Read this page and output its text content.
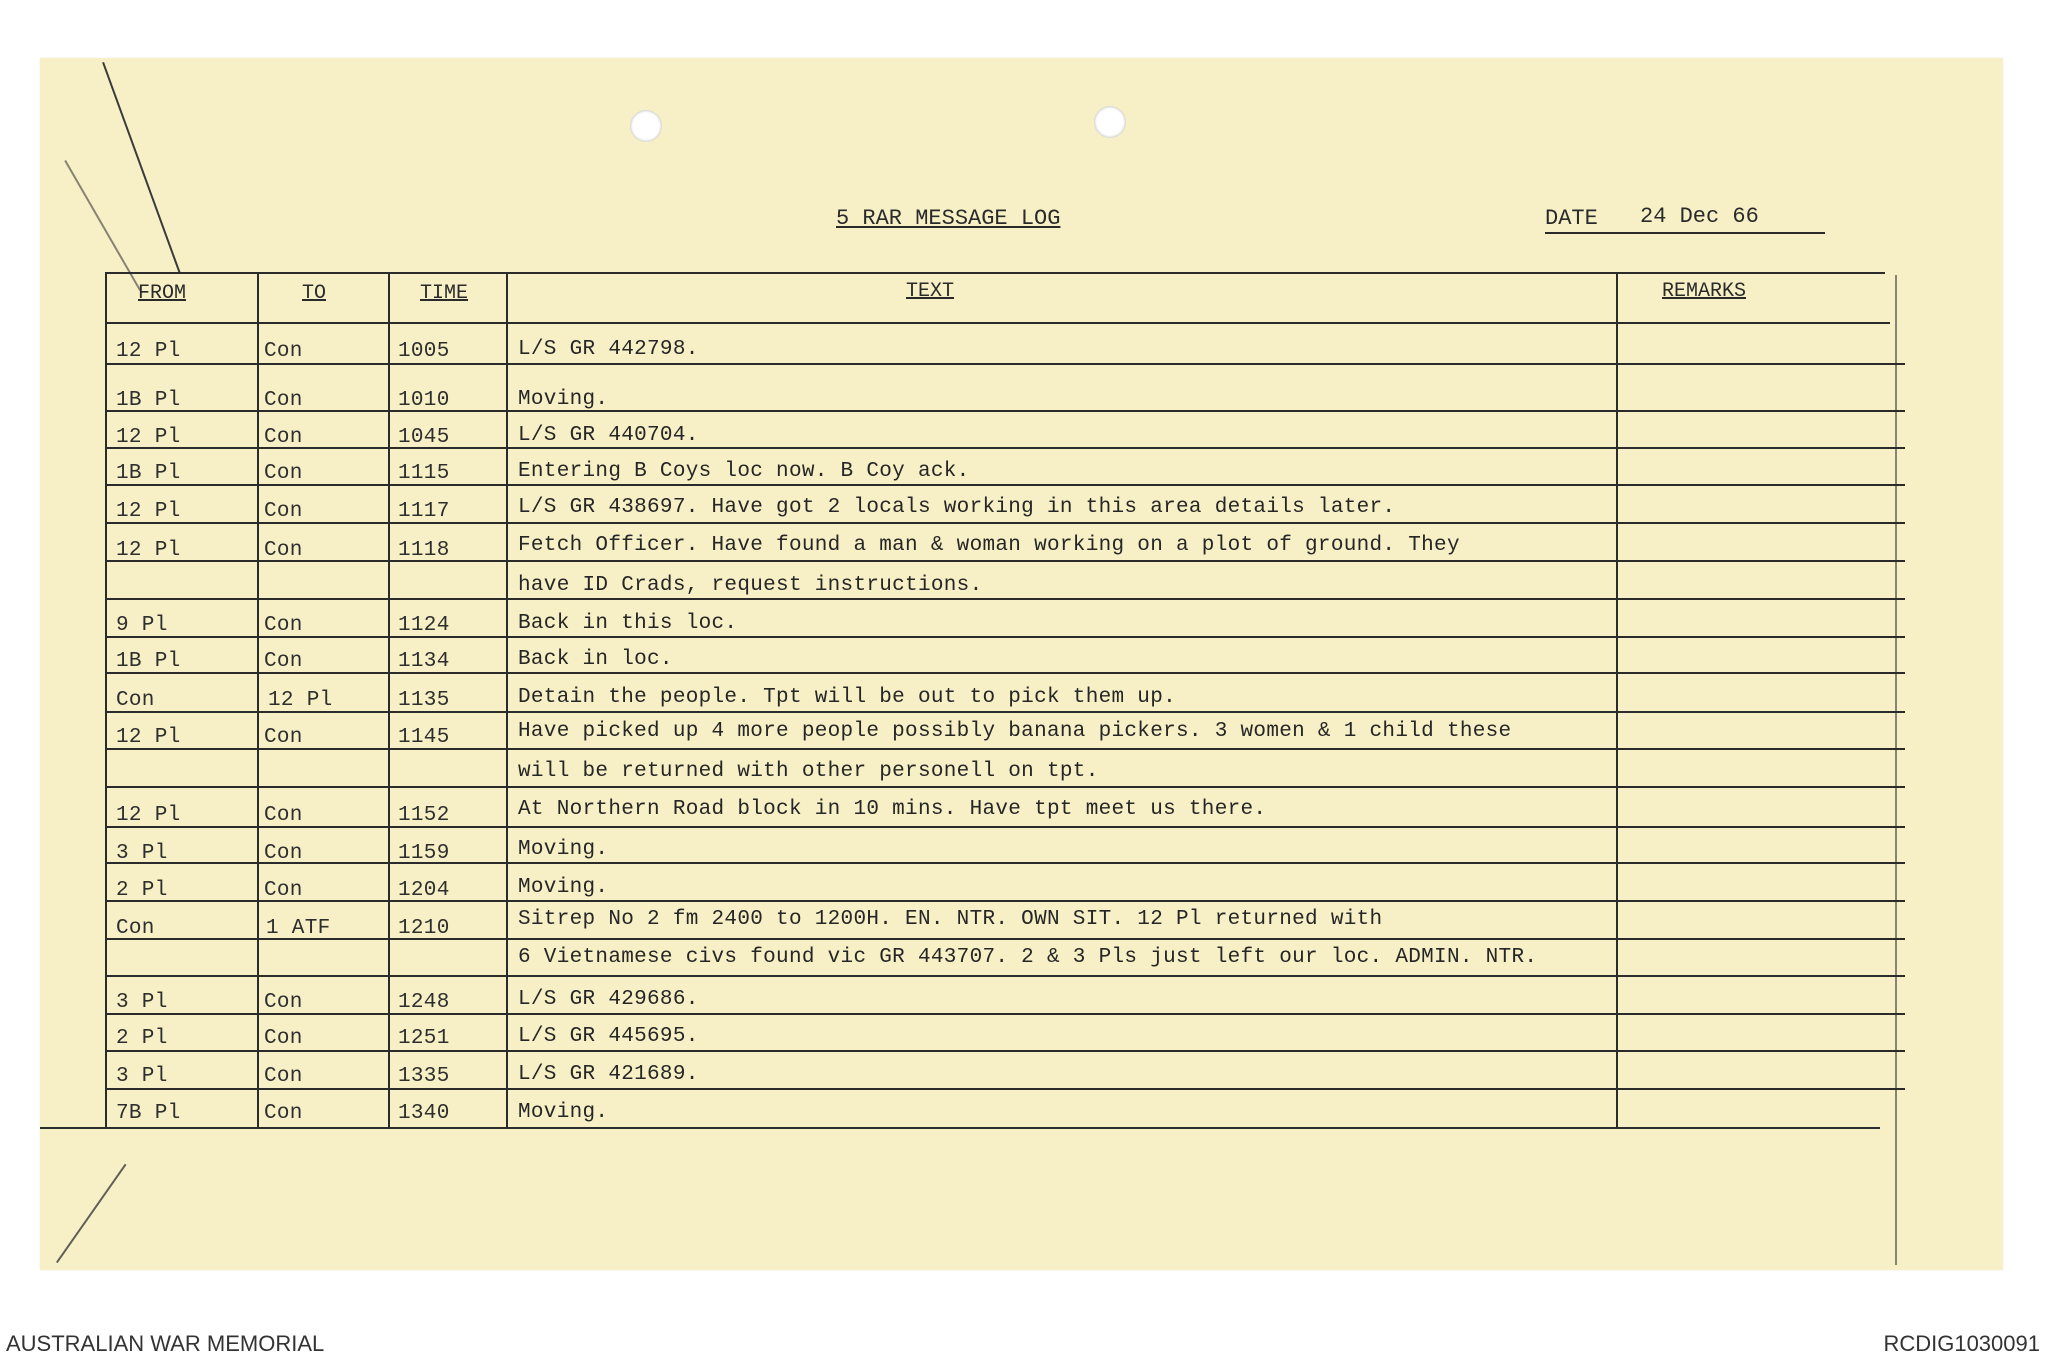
5 RAR MESSAGE LOG	DATE 24 Dec 66
FROM	TO	TIME	TEXT	REMARKS
12 Pl	Con	1005	L/S GR 442798.
1B Pl	Con	1010	Moving.
12 Pl	Con	1045	L/S GR 440704.
1B Pl	Con	1115	Entering B Coys loc now. B Coy ack.
12 Pl	Con	1117	L/S GR 438697. Have got 2 locals working in this area details later.
12 Pl	Con	1118	Fetch Officer. Have found a man & woman working on a plot of ground. They
have ID Crads, request instructions.
9 Pl	Con	1124	Back in this loc.
1B Pl	Con	1134	Back in loc.
Con	12 Pl	1135	Detain the people. Tpt will be out to pick them up.
12 Pl	Con	1145	Have picked up 4 more people possibly banana pickers. 3 women & 1 child these
will be returned with other personell on tpt.
12 Pl	Con	1152	At Northern Road block in 10 mins. Have tpt meet us there.
3 Pl	Con	1159	Moving.
2 Pl	Con	1204	Moving.
Con	1 ATF	1210	Sitrep No 2 fm 2400 to 1200H. EN. NTR. OWN SIT. 12 Pl returned with
6 Vietnamese civs found vic GR 443707. 2 & 3 Pls just left our loc. ADMIN. NTR.
3 Pl	Con	1248	L/S GR 429686.
2 Pl	Con	1251	L/S GR 445695.
3 Pl	Con	1335	L/S GR 421689.
7B Pl	Con	1340	Moving.
AUSTRALIAN WAR MEMORIAL	RCDIG1030091
